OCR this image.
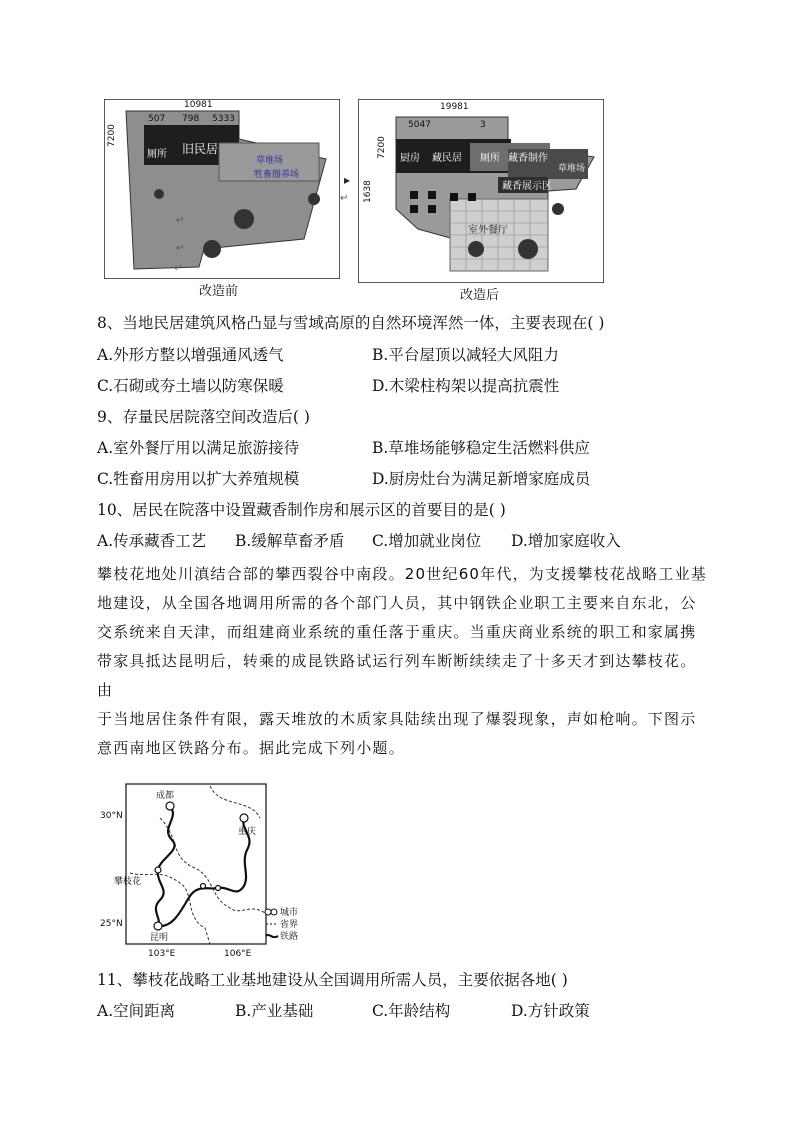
10981
507 798 5333
7200
厕所 旧民居
草堆场
牲畜圈养场
↵
↵
↵
↵
改造前
▸
19981
5047	3
7200
1638
厨房 藏民居 厕所 藏香制作
草堆场
藏香展示区
室外餐厅
改造后
8、当地民居建筑风格凸显与雪域高原的自然环境浑然一体，主要表现在( )
A.外形方整以增强通风透气	B.平台屋顶以减轻大风阻力
C.石砌或夯土墙以防寒保暖	D.木梁柱构架以提高抗震性
9、存量民居院落空间改造后( )
A.室外餐厅用以满足旅游接待	B.草堆场能够稳定生活燃料供应
C.牲畜用房用以扩大养殖规模	D.厨房灶台为满足新增家庭成员
10、居民在院落中设置藏香制作房和展示区的首要目的是( )
A.传承藏香工艺 B.缓解草畜矛盾 C.增加就业岗位 D.增加家庭收入
攀枝花地处川滇结合部的攀西裂谷中南段。20世纪60年代，为支援攀枝花战略工业基
地建设，从全国各地调用所需的各个部门人员，其中钢铁企业职工主要来自东北，公
交系统来自天津，而组建商业系统的重任落于重庆。当重庆商业系统的职工和家属携
带家具抵达昆明后，转乘的成昆铁路试运行列车断断续续走了十多天才到达攀枝花。
由
于当地居住条件有限，露天堆放的木质家具陆续出现了爆裂现象，声如枪响。下图示
意西南地区铁路分布。据此完成下列小题。
30°N
25°N
103°E	106°E
成都
重庆
攀枝花
昆明
城市
省界
铁路
11、攀枝花战略工业基地建设从全国调用所需人员，主要依据各地( )
A.空间距离	B.产业基础	C.年龄结构	D.方针政策
